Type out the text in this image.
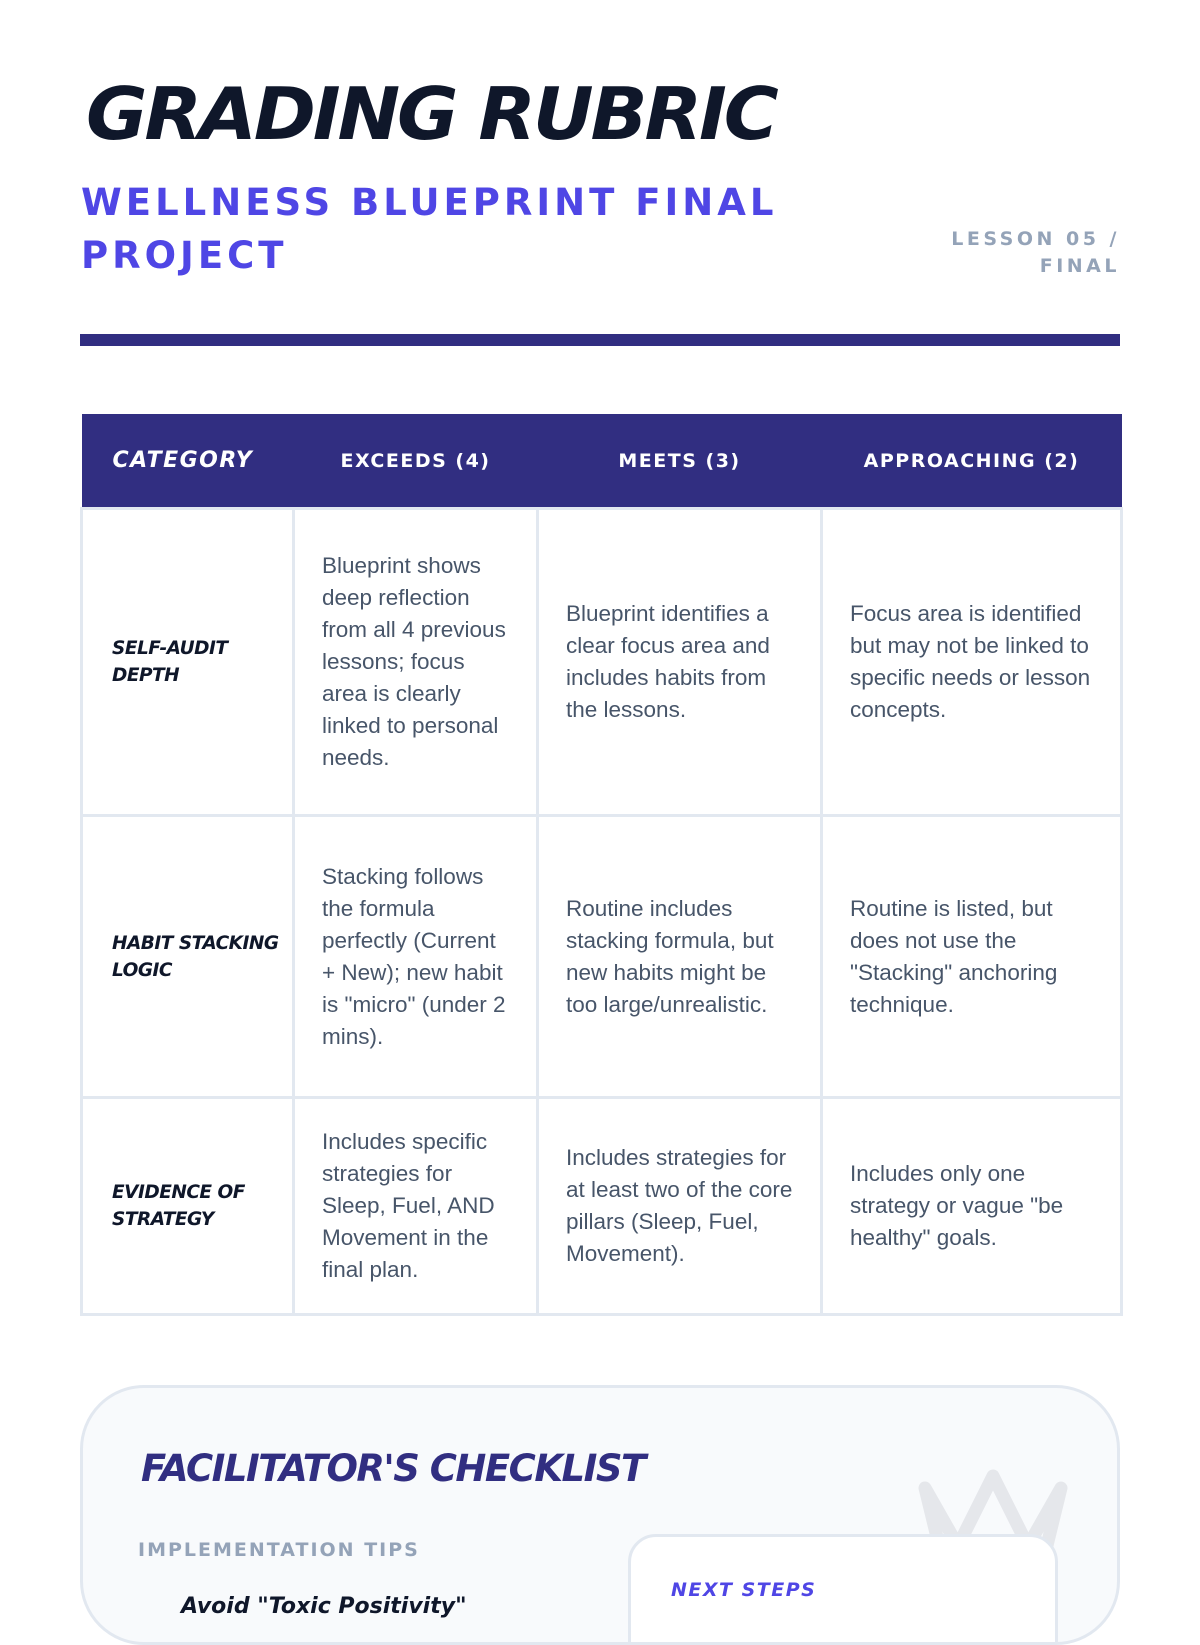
GRADING RUBRIC
WELLNESS BLUEPRINT FINAL PROJECT	LESSON 05 /
FINAL
CATEGORY	EXCEEDS (4)	MEETS (3)	APPROACHING (2)
SELF-AUDIT DEPTH	Blueprint shows deep reflection from all 4 previous lessons; focus area is clearly linked to personal needs.	Blueprint identifies a clear focus area and includes habits from the lessons.	Focus area is identified but may not be linked to specific needs or lesson concepts.
HABIT STACKING LOGIC	Stacking follows the formula perfectly (Current + New); new habit is "micro" (under 2 mins).	Routine includes stacking formula, but new habits might be too large/unrealistic.	Routine is listed, but does not use the "Stacking" anchoring technique.
EVIDENCE OF STRATEGY	Includes specific strategies for Sleep, Fuel, AND Movement in the final plan.	Includes strategies for at least two of the core pillars (Sleep, Fuel, Movement).	Includes only one strategy or vague "be healthy" goals.
FACILITATOR'S CHECKLIST
IMPLEMENTATION TIPS
Avoid "Toxic Positivity"
NEXT STEPS
